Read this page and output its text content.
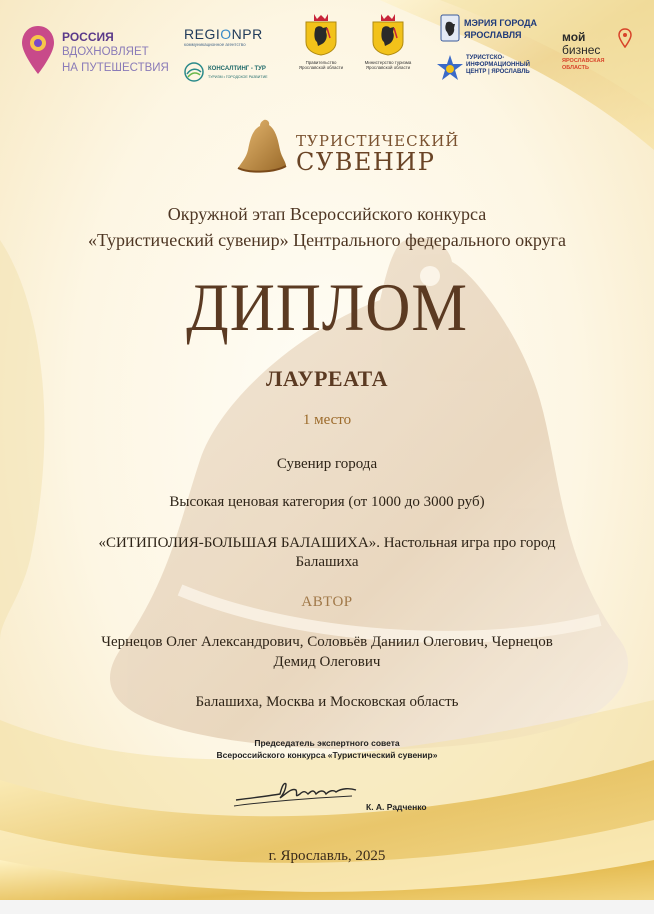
РОССИЯ
ВДОХНОВЛЯЕТ
НА ПУТЕШЕСТВИЯ
REGIONPR
коммуникационное агентство
КОНСАЛТИНГ - ТУР
ТУРИЗМ • ГОРОДСКОЕ РАЗВИТИЕ
Правительство
Ярославской области
Министерство туризма
Ярославской области
МЭРИЯ ГОРОДА
ЯРОСЛАВЛЯ
ТУРИСТСКО-
ИНФОРМАЦИОННЫЙ
ЦЕНТР | ЯРОСЛАВЛЬ
мой
бизнес
ЯРОСЛАВСКАЯ
ОБЛАСТЬ
ТУРИСТИЧЕСКИЙ
СУВЕНИР
Окружной этап Всероссийского конкурса
«Туристический сувенир» Центрального федерального округа
ДИПЛОМ
ЛАУРЕАТА
1 место
Сувенир города
Высокая ценовая категория (от 1000 до 3000 руб)
«СИТИПОЛИЯ-БОЛЬШАЯ БАЛАШИХА». Настольная игра про город
Балашиха
АВТОР
Чернецов Олег Александрович, Соловьёв Даниил Олегович, Чернецов
Демид Олегович
Балашиха, Москва и Московская область
Председатель экспертного совета
Всероссийского конкурса «Туристический сувенир»
К. А. Радченко
г. Ярославль, 2025
